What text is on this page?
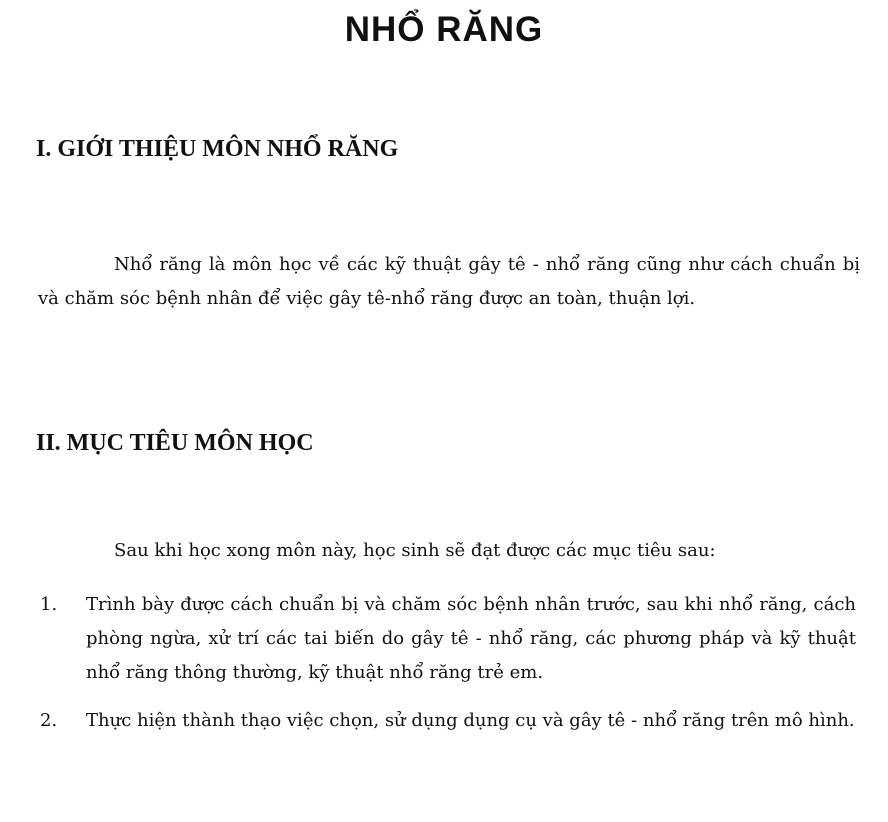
NHỔ RĂNG
I. GIỚI THIỆU MÔN NHỔ RĂNG

Nhổ răng là môn học về các kỹ thuật gây tê - nhổ răng cũng như cách chuẩn bị và chăm sóc bệnh nhân để việc gây tê-nhổ răng được an toàn, thuận lợi.

II. MỤC TIÊU MÔN HỌC

Sau khi học xong môn này, học sinh sẽ đạt được các mục tiêu sau:

1. Trình bày được cách chuẩn bị và chăm sóc bệnh nhân trước, sau khi nhổ răng, cách phòng ngừa, xử trí các tai biến do gây tê - nhổ răng, các phương pháp và kỹ thuật nhổ răng thông thường, kỹ thuật nhổ răng trẻ em.
2. Thực hiện thành thạo việc chọn, sử dụng dụng cụ và gây tê - nhổ răng trên mô hình.
